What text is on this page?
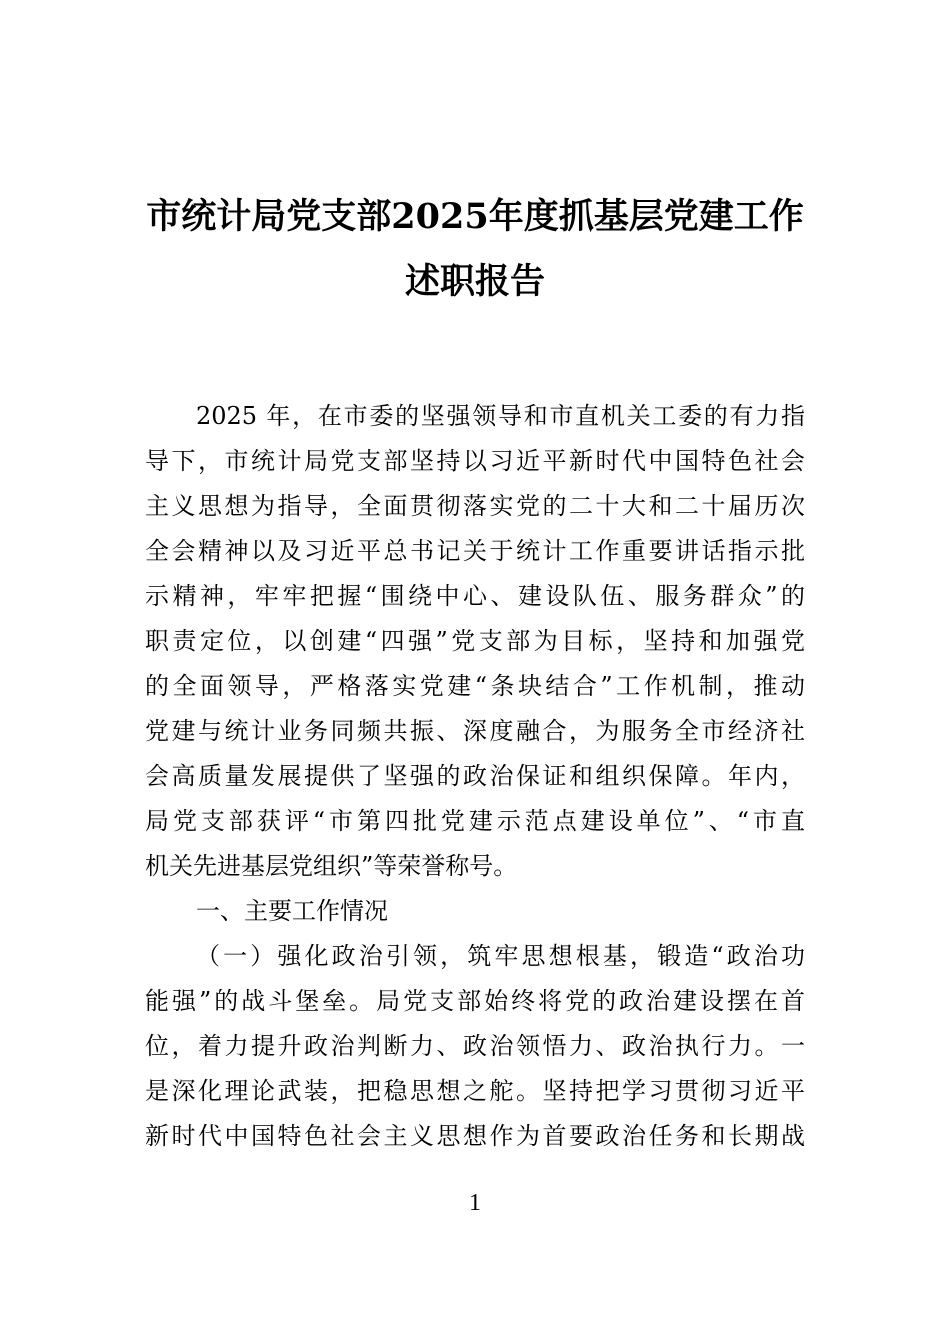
市统计局党支部2025年度抓基层党建工作
述职报告
2025 年，在市委的坚强领导和市直机关工委的有力指
导下，市统计局党支部坚持以习近平新时代中国特色社会
主义思想为指导，全面贯彻落实党的二十大和二十届历次
全会精神以及习近平总书记关于统计工作重要讲话指示批
示精神，牢牢把握“围绕中心、建设队伍、服务群众”的
职责定位，以创建“四强”党支部为目标，坚持和加强党
的全面领导，严格落实党建“条块结合”工作机制，推动
党建与统计业务同频共振、深度融合，为服务全市经济社
会高质量发展提供了坚强的政治保证和组织保障。年内，
局党支部获评“市第四批党建示范点建设单位”、“市直
机关先进基层党组织”等荣誉称号。
一、主要工作情况
（一）强化政治引领，筑牢思想根基，锻造“政治功
能强”的战斗堡垒。局党支部始终将党的政治建设摆在首
位，着力提升政治判断力、政治领悟力、政治执行力。一
是深化理论武装，把稳思想之舵。坚持把学习贯彻习近平
新时代中国特色社会主义思想作为首要政治任务和长期战
1
